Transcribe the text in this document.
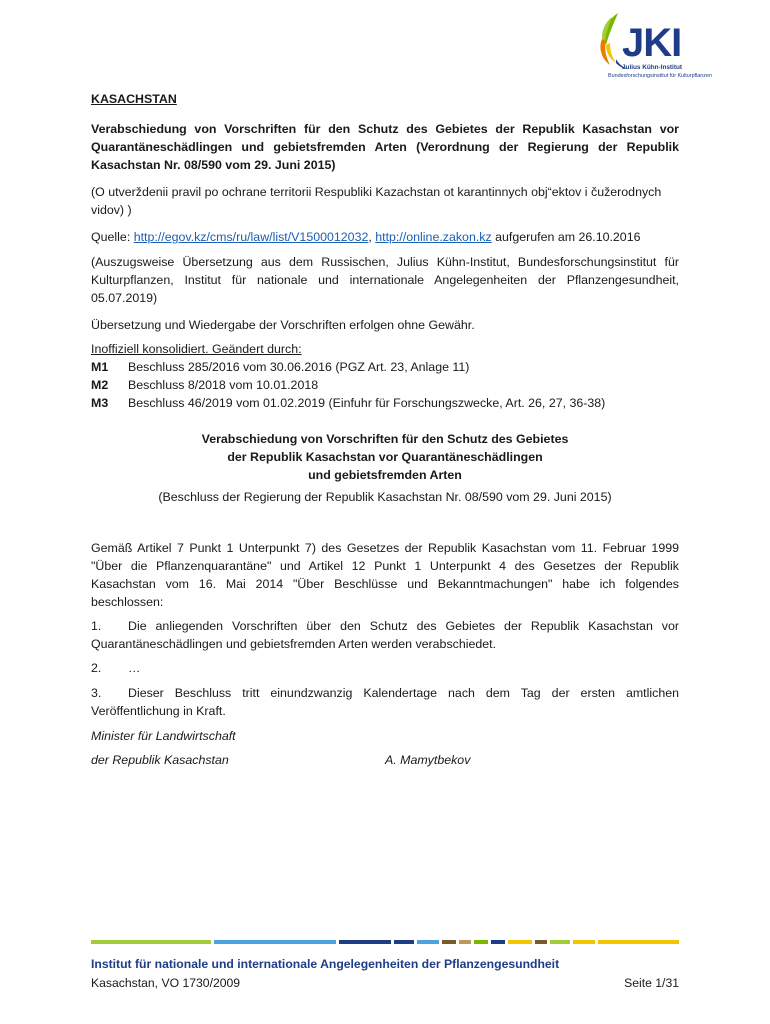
JKI
Julius Kühn-Institut
Bundesforschungsinstitut für Kulturpflanzen
KASACHSTAN
Verabschiedung von Vorschriften für den Schutz des Gebietes der Republik Kasachstan vor Quarantäneschädlingen und gebietsfremden Arten (Verordnung der Regierung der Republik Kasachstan Nr. 08/590 vom 29. Juni 2015)
(O utverždenii pravil po ochrane territorii Respubliki Kazachstan ot karantinnych obj“ektov i čužerodnych vidov) )
Quelle: http://egov.kz/cms/ru/law/list/V1500012032, http://online.zakon.kz aufgerufen am 26.10.2016
(Auszugsweise Übersetzung aus dem Russischen, Julius Kühn-Institut, Bundesforschungsinstitut für Kulturpflanzen, Institut für nationale und internationale Angelegenheiten der Pflanzengesundheit, 05.07.2019)
Übersetzung und Wiedergabe der Vorschriften erfolgen ohne Gewähr.
Inoffiziell konsolidiert. Geändert durch:
M1 Beschluss 285/2016 vom 30.06.2016 (PGZ Art. 23, Anlage 11)
M2 Beschluss 8/2018 vom 10.01.2018
M3 Beschluss 46/2019 vom 01.02.2019 (Einfuhr für Forschungszwecke, Art. 26, 27, 36-38)
Verabschiedung von Vorschriften für den Schutz des Gebietes
der Republik Kasachstan vor Quarantäneschädlingen
und gebietsfremden Arten
(Beschluss der Regierung der Republik Kasachstan Nr. 08/590 vom 29. Juni 2015)
Gemäß Artikel 7 Punkt 1 Unterpunkt 7) des Gesetzes der Republik Kasachstan vom 11. Februar 1999 "Über die Pflanzenquarantäne" und Artikel 12 Punkt 1 Unterpunkt 4 des Gesetzes der Republik Kasachstan vom 16. Mai 2014 "Über Beschlüsse und Bekanntmachungen" habe ich folgendes beschlossen:
1. Die anliegenden Vorschriften über den Schutz des Gebietes der Republik Kasachstan vor Quarantäneschädlingen und gebietsfremden Arten werden verabschiedet.
2. …
3. Dieser Beschluss tritt einundzwanzig Kalendertage nach dem Tag der ersten amtlichen Veröffentlichung in Kraft.
Minister für Landwirtschaft
der Republik Kasachstan	A. Mamytbekov
Institut für nationale und internationale Angelegenheiten der Pflanzengesundheit
Kasachstan, VO 1730/2009	Seite 1/31
